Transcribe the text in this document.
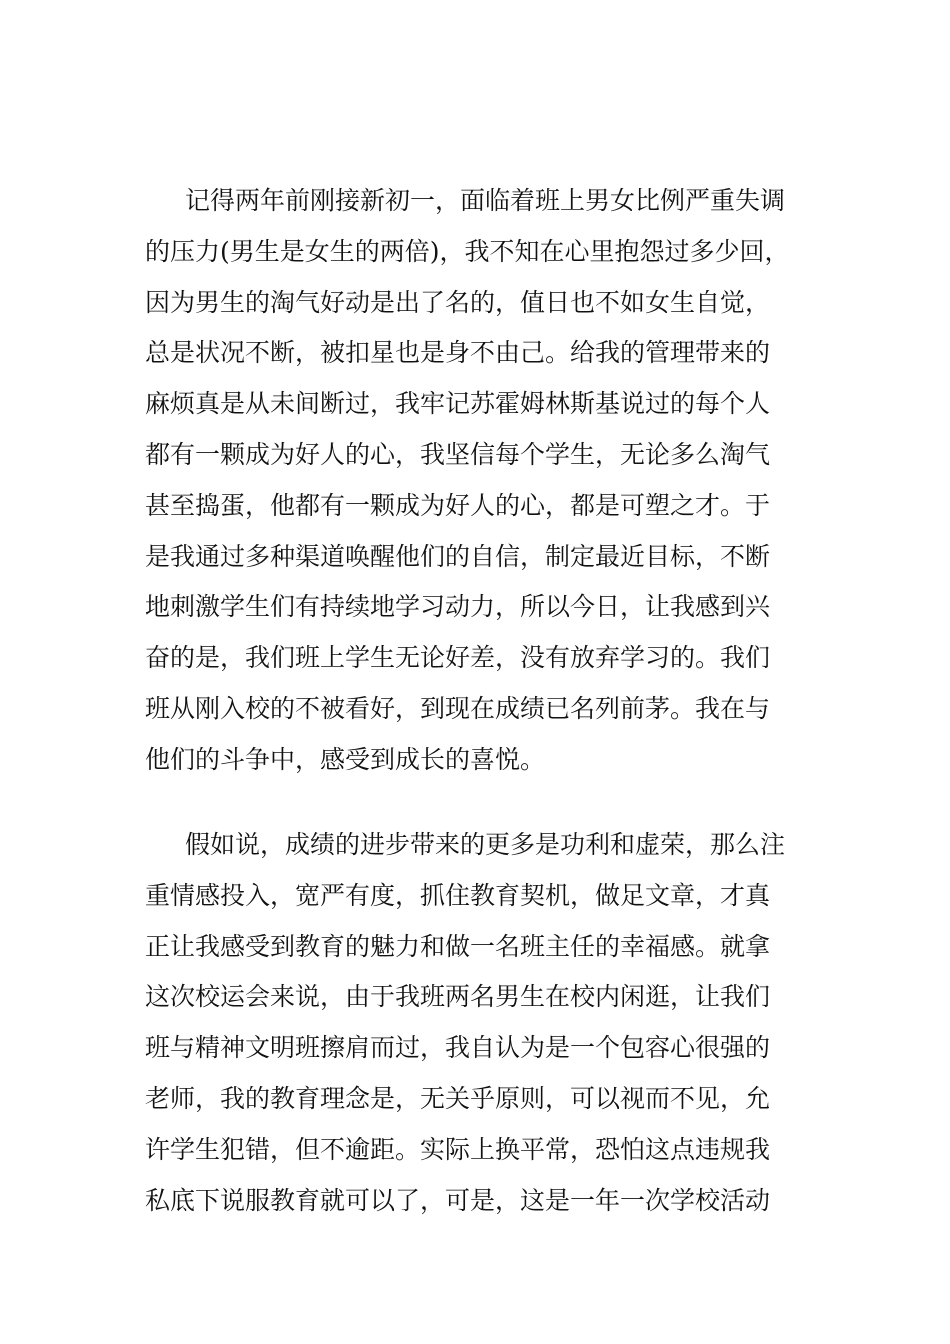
记得两年前刚接新初一，面临着班上男女比例严重失调
的压力(男生是女生的两倍)，我不知在心里抱怨过多少回，
因为男生的淘气好动是出了名的，值日也不如女生自觉，
总是状况不断，被扣星也是身不由己。给我的管理带来的
麻烦真是从未间断过，我牢记苏霍姆林斯基说过的每个人
都有一颗成为好人的心，我坚信每个学生，无论多么淘气
甚至捣蛋，他都有一颗成为好人的心，都是可塑之才。于
是我通过多种渠道唤醒他们的自信，制定最近目标，不断
地刺激学生们有持续地学习动力，所以今日，让我感到兴
奋的是，我们班上学生无论好差，没有放弃学习的。我们
班从刚入校的不被看好，到现在成绩已名列前茅。我在与
他们的斗争中，感受到成长的喜悦。
假如说，成绩的进步带来的更多是功利和虚荣，那么注
重情感投入，宽严有度，抓住教育契机，做足文章，才真
正让我感受到教育的魅力和做一名班主任的幸福感。就拿
这次校运会来说，由于我班两名男生在校内闲逛，让我们
班与精神文明班擦肩而过，我自认为是一个包容心很强的
老师，我的教育理念是，无关乎原则，可以视而不见，允
许学生犯错，但不逾距。实际上换平常，恐怕这点违规我
私底下说服教育就可以了，可是，这是一年一次学校活动
